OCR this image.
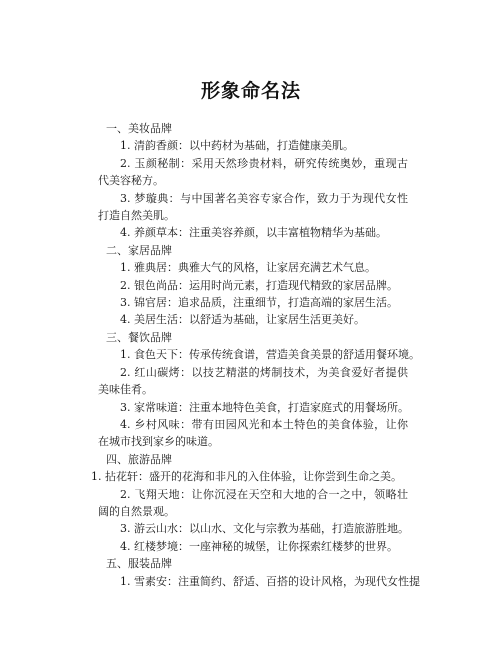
形象命名法

一、美妆品牌

1. 清韵香颜：以中药材为基础，打造健康美肌。

2. 玉颜秘制：采用天然珍贵材料，研究传统奥妙，重现古代美容秘方。

3. 梦璇典：与中国著名美容专家合作，致力于为现代女性打造自然美肌。

4. 养颜草本：注重美容养颜，以丰富植物精华为基础。

二、家居品牌

1. 雅典居：典雅大气的风格，让家居充满艺术气息。

2. 银色尚品：运用时尚元素，打造现代精致的家居品牌。

3. 锦官居：追求品质，注重细节，打造高端的家居生活。

4. 美居生活：以舒适为基础，让家居生活更美好。

三、餐饮品牌

1. 食色天下：传承传统食谱，营造美食美景的舒适用餐环境。

2. 红山碳烤：以技艺精湛的烤制技术，为美食爱好者提供美味佳肴。

3. 家常味道：注重本地特色美食，打造家庭式的用餐场所。

4. 乡村风味：带有田园风光和本土特色的美食体验，让你在城市找到家乡的味道。

四、旅游品牌

1. 拈花轩：盛开的花海和非凡的入住体验，让你尝到生命之美。

2. 飞翔天地：让你沉浸在天空和大地的合一之中，领略壮阔的自然景观。

3. 游云山水：以山水、文化与宗教为基础，打造旅游胜地。

4. 红楼梦境：一座神秘的城堡，让你探索红楼梦的世界。

五、服装品牌

1. 雪素安：注重简约、舒适、百搭的设计风格，为现代女性提
